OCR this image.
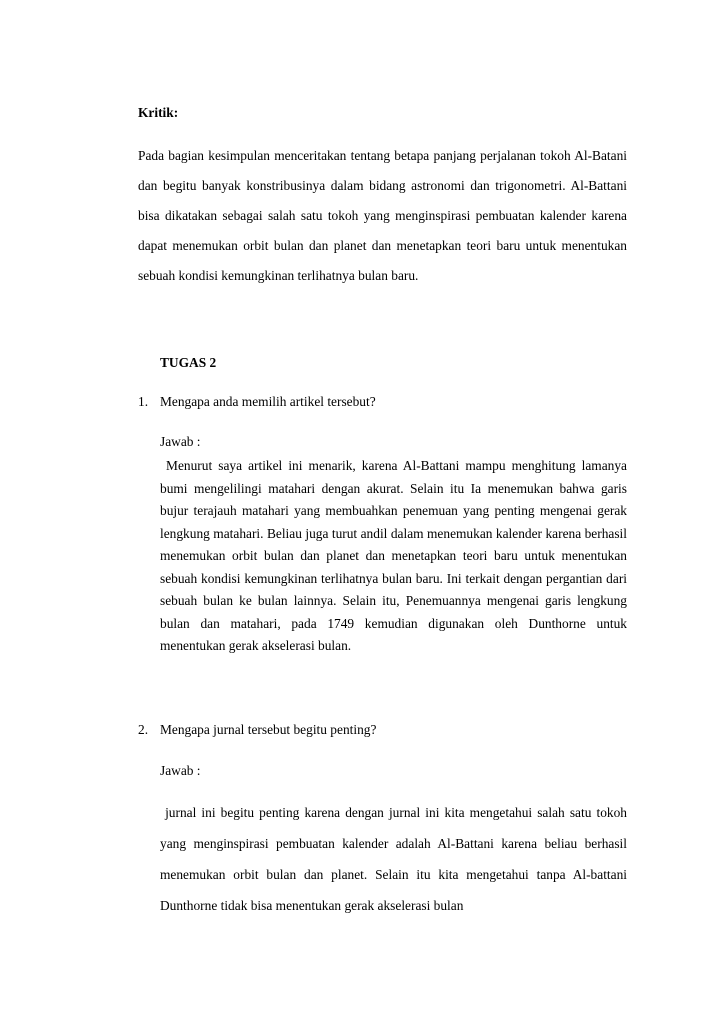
Kritik:

Pada bagian kesimpulan menceritakan tentang betapa panjang perjalanan tokoh Al-Batani dan begitu banyak konstribusinya dalam bidang astronomi dan trigonometri. Al-Battani bisa dikatakan sebagai salah satu tokoh yang menginspirasi pembuatan kalender karena dapat menemukan orbit bulan dan planet dan menetapkan teori baru untuk menentukan sebuah kondisi kemungkinan terlihatnya bulan baru.

TUGAS 2
1. Mengapa anda memilih artikel tersebut?
Jawab :

Menurut saya artikel ini menarik, karena Al-Battani mampu menghitung lamanya bumi mengelilingi matahari dengan akurat. Selain itu Ia menemukan bahwa garis bujur terajauh matahari yang membuahkan penemuan yang penting mengenai gerak lengkung matahari. Beliau juga turut andil dalam menemukan kalender karena berhasil menemukan orbit bulan dan planet dan menetapkan teori baru untuk menentukan sebuah kondisi kemungkinan terlihatnya bulan baru. Ini terkait dengan pergantian dari sebuah bulan ke bulan lainnya. Selain itu, Penemuannya mengenai garis lengkung bulan dan matahari, pada 1749 kemudian digunakan oleh Dunthorne untuk menentukan gerak akselerasi bulan.

2. Mengapa jurnal tersebut begitu penting?
Jawab :

jurnal ini begitu penting karena dengan jurnal ini kita mengetahui salah satu tokoh yang menginspirasi pembuatan kalender adalah Al-Battani karena beliau berhasil menemukan orbit bulan dan planet. Selain itu kita mengetahui tanpa Al-battani Dunthorne tidak bisa menentukan gerak akselerasi bulan
